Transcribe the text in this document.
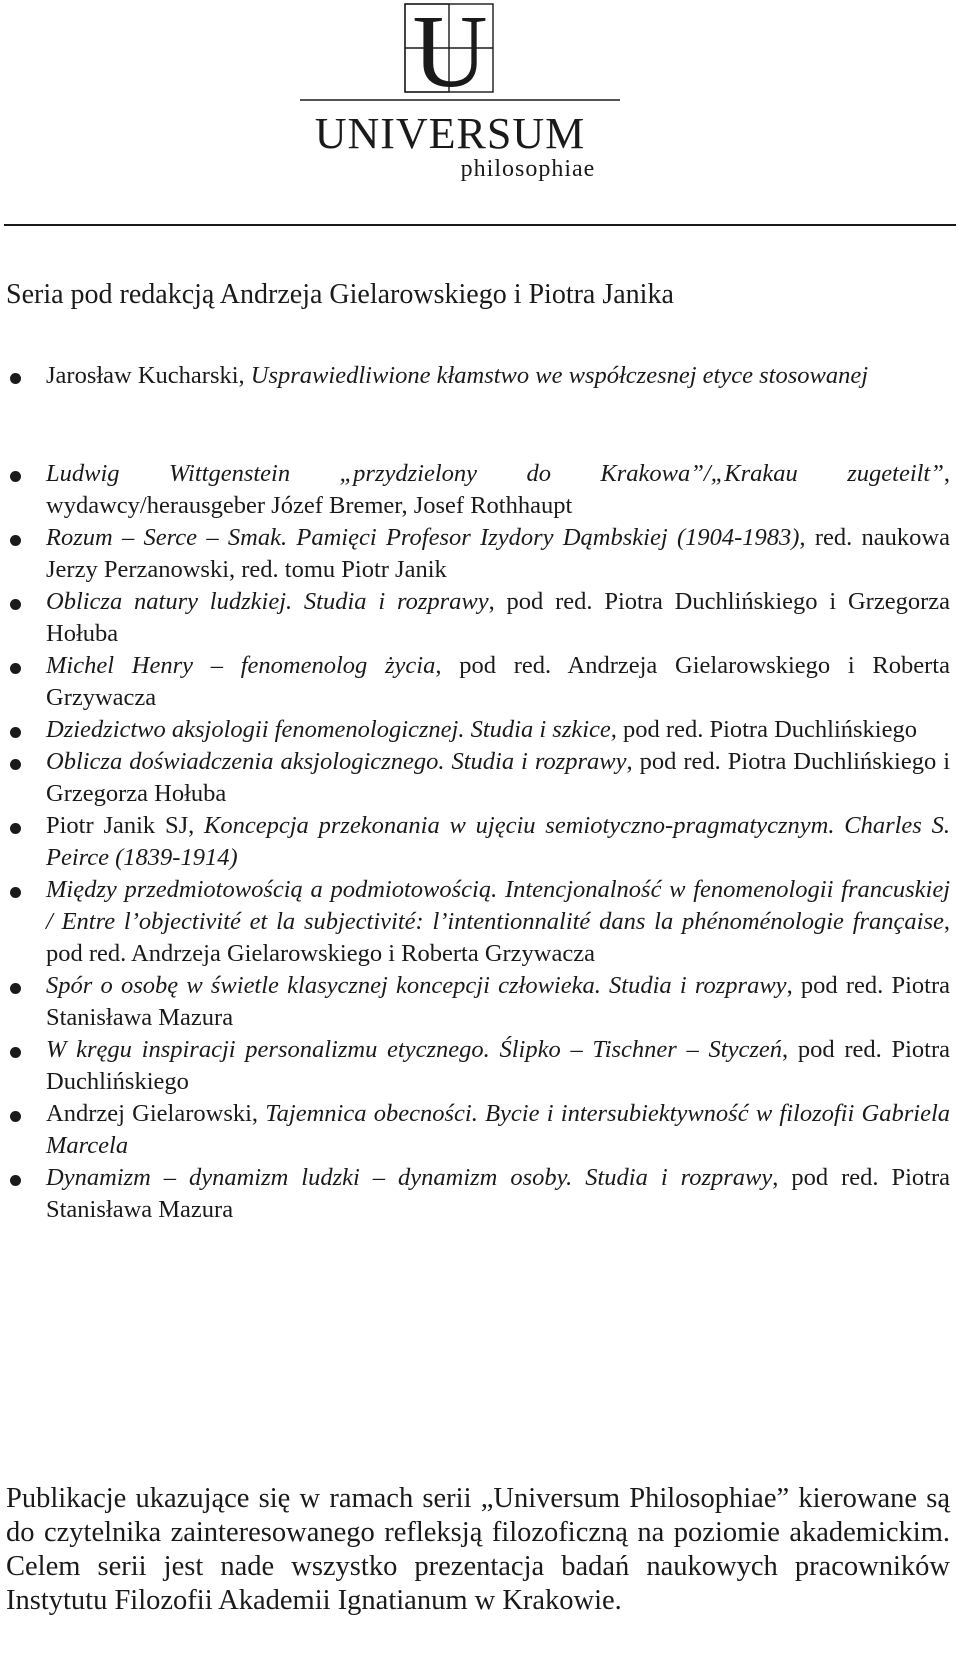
U
UNIVERSUM
philosophiae
Seria pod redakcją Andrzeja Gielarowskiego i Piotra Janika
Jarosław Kucharski, Usprawiedliwione kłamstwo we współczesnej etyce stosowanej
Ludwig Wittgenstein „przydzielony do Krakowa”/„Krakau zugeteilt”, wydawcy/herausgeber Józef Bremer, Josef Rothhaupt
Rozum – Serce – Smak. Pamięci Profesor Izydory Dąmbskiej (1904-1983), red. naukowa Jerzy Perzanowski, red. tomu Piotr Janik
Oblicza natury ludzkiej. Studia i rozprawy, pod red. Piotra Duchlińskiego i Grzegorza Hołuba
Michel Henry – fenomenolog życia, pod red. Andrzeja Gielarowskiego i Roberta Grzywacza
Dziedzictwo aksjologii fenomenologicznej. Studia i szkice, pod red. Piotra Duchlińskiego
Oblicza doświadczenia aksjologicznego. Studia i rozprawy, pod red. Piotra Duchlińskiego i Grzegorza Hołuba
Piotr Janik SJ, Koncepcja przekonania w ujęciu semiotyczno-pragmatycznym. Charles S. Peirce (1839-1914)
Między przedmiotowością a podmiotowością. Intencjonalność w fenomenologii francuskiej / Entre l’objectivité et la subjectivité: l’intentionnalité dans la phénoménologie française, pod red. Andrzeja Gielarowskiego i Roberta Grzywacza
Spór o osobę w świetle klasycznej koncepcji człowieka. Studia i rozprawy, pod red. Piotra Stanisława Mazura
W kręgu inspiracji personalizmu etycznego. Ślipko – Tischner – Styczeń, pod red. Piotra Duchlińskiego
Andrzej Gielarowski, Tajemnica obecności. Bycie i intersubiektywność w filozofii Gabriela Marcela
Dynamizm – dynamizm ludzki – dynamizm osoby. Studia i rozprawy, pod red. Piotra Stanisława Mazura
Publikacje ukazujące się w ramach serii „Universum Philosophiae” kierowane są do czytelnika zainteresowanego refleksją filozoficzną na poziomie akademickim. Celem serii jest nade wszystko prezentacja badań naukowych pracowników Instytutu Filozofii Akademii Ignatianum w Krakowie.
